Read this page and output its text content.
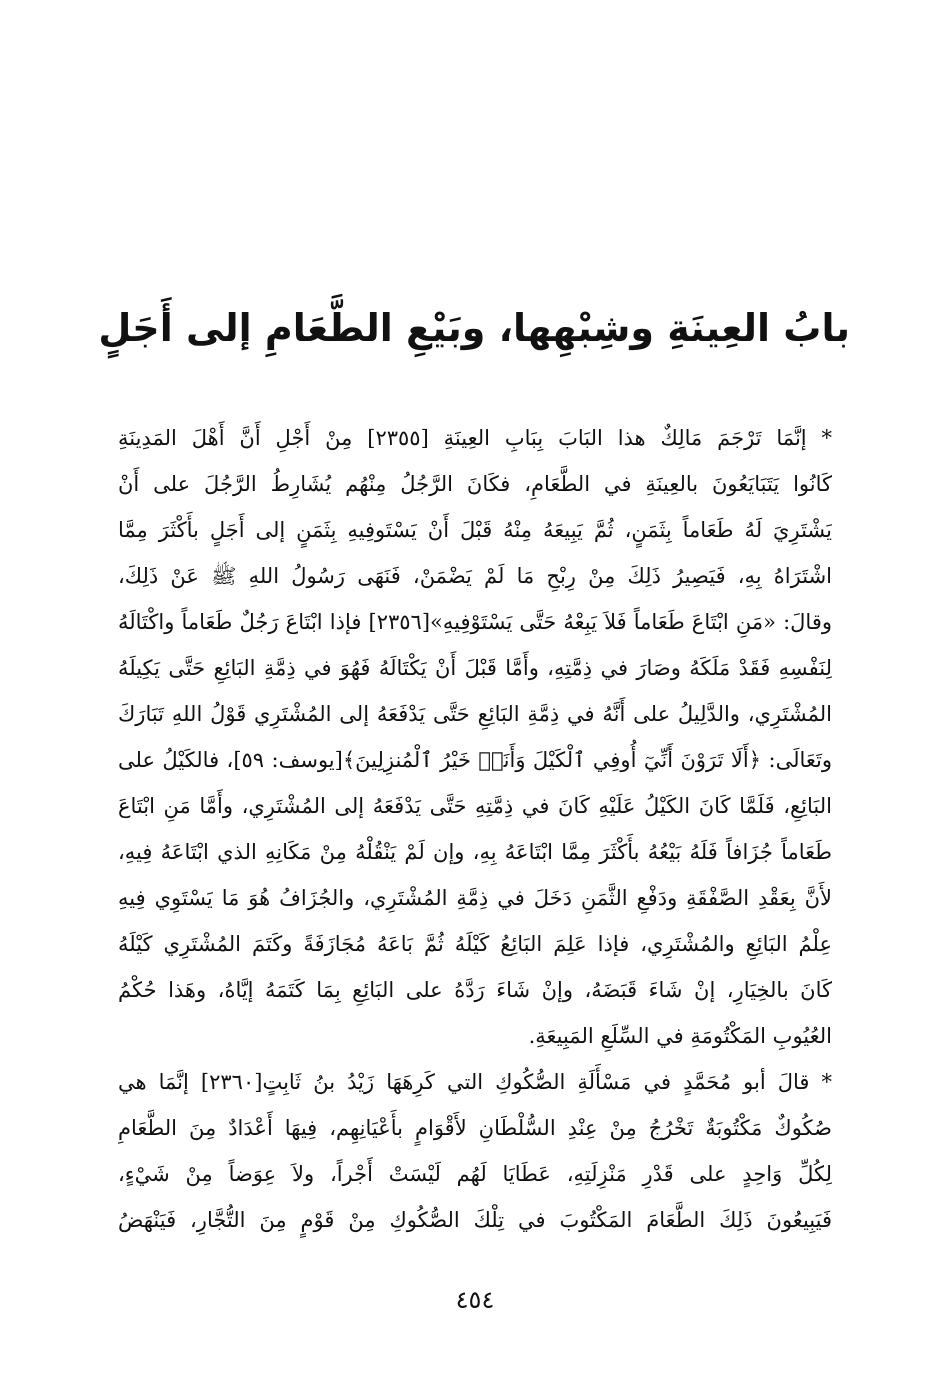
بابُ العِينَةِ وشِبْهِها، وبَيْعِ الطَّعَامِ إلى أَجَلٍ

* إنَّمَا تَرْجَمَ مَالِكٌ هذا البَابَ بِبَابِ العِينَةِ [٢٣٥٥] مِنْ أَجْلِ أَنَّ أَهْلَ المَدِينَةِ
كَانُوا يَتَبَايَعُونَ بالعِينَةِ في الطَّعَامِ، فكَانَ الرَّجُلُ مِنْهُم يُشَارِطُ الرَّجُلَ على أَنْ
يَشْتَرِيَ لَهُ طَعَاماً بِثَمَنٍ، ثُمَّ يَبِيعَهُ مِنْهُ قَبْلَ أَنْ يَسْتَوفِيهِ بِثَمَنٍ إلى أَجَلٍ بأَكْثَرَ مِمَّا
اشْتَرَاهُ بِهِ، فَيَصِيرُ ذَلِكَ مِنْ رِبْحِ مَا لَمْ يَضْمَنْ، فَنَهَى رَسُولُ اللهِ ﷺ عَنْ ذَلِكَ،
وقالَ: «مَنِ ابْتَاعَ طَعَاماً فَلاَ يَبِعْهُ حَتَّى يَسْتَوْفِيهِ»[٢٣٥٦] فإذا ابْتَاعَ رَجُلٌ طَعَاماً واكْتَالَهُ
لِنَفْسِهِ فَقَدْ مَلَكَهُ وصَارَ في ذِمَّتِهِ، وأَمَّا قَبْلَ أَنْ يَكْتَالَهُ فَهُوَ في ذِمَّةِ البَائِعِ حَتَّى يَكِيلَهُ
المُشْتَرِي، والدَّلِيلُ على أَنَّهُ في ذِمَّةِ البَائِعِ حَتَّى يَدْفَعَهُ إلى المُشْتَرِي قَوْلُ اللهِ تَبَارَكَ
وتَعَالَى: ﴿أَلَا تَرَوْنَ أَنِّيٓ أُوفِي ٱلْكَيْلَ وَأَنَا۠ خَيْرُ ٱلْمُنزِلِينَ﴾[يوسف: ٥٩]، فالكَيْلُ على
البَائِعِ، فَلَمَّا كَانَ الكَيْلُ عَلَيْهِ كَانَ في ذِمَّتِهِ حَتَّى يَدْفَعَهُ إلى المُشْتَرِي، وأَمَّا مَنِ ابْتَاعَ
طَعَاماً جُزَافاً فَلَهُ بَيْعُهُ بأَكْثَرَ مِمَّا ابْتَاعَهُ بِهِ، وإن لَمْ يَنْقُلْهُ مِنْ مَكَانِهِ الذي ابْتَاعَهُ فِيهِ،
لأَنَّ بِعَقْدِ الصَّفْقَةِ ودَفْعِ الثَّمَنِ دَخَلَ في ذِمَّةِ المُشْتَرِي، والجُزَافُ هُوَ مَا يَسْتَوِي فِيهِ
عِلْمُ البَائِعِ والمُشْتَرِي، فإذا عَلِمَ البَائِعُ كَيْلَهُ ثُمَّ بَاعَهُ مُجَازَفَةً وكَتَمَ المُشْتَرِي كَيْلَهُ
كَانَ بالخِيَارِ، إنْ شَاءَ قَبَضَهُ، وإنْ شَاءَ رَدَّهُ على البَائِعِ بِمَا كَتَمَهُ إيَّاهُ، وهَذا حُكْمُ
العُيُوبِ المَكْتُومَةِ في السِّلَعِ المَبِيعَةِ.

* قالَ أبو مُحَمَّدٍ في مَسْأَلَةِ الصُّكُوكِ التي كَرِهَهَا زَيْدُ بنُ ثَابِتٍ[٢٣٦٠] إنَّمَا هي
صُكُوكٌ مَكْتُوبَةٌ تَخْرُجُ مِنْ عِنْدِ السُّلْطَانِ لأَقْوَامٍ بأَعْيَانِهِم، فِيهَا أَعْدَادٌ مِنَ الطَّعَامِ
لِكُلِّ وَاحِدٍ على قَدْرِ مَنْزِلَتِهِ، عَطَايَا لَهُم لَيْسَتْ أَجْراً، ولاَ عِوَضاً مِنْ شَيْءٍ،
فَيَبِيعُونَ ذَلِكَ الطَّعَامَ المَكْتُوبَ في تِلْكَ الصُّكُوكِ مِنْ قَوْمٍ مِنَ التُّجَّارِ، فَيَنْهَضُ

٤٥٤
